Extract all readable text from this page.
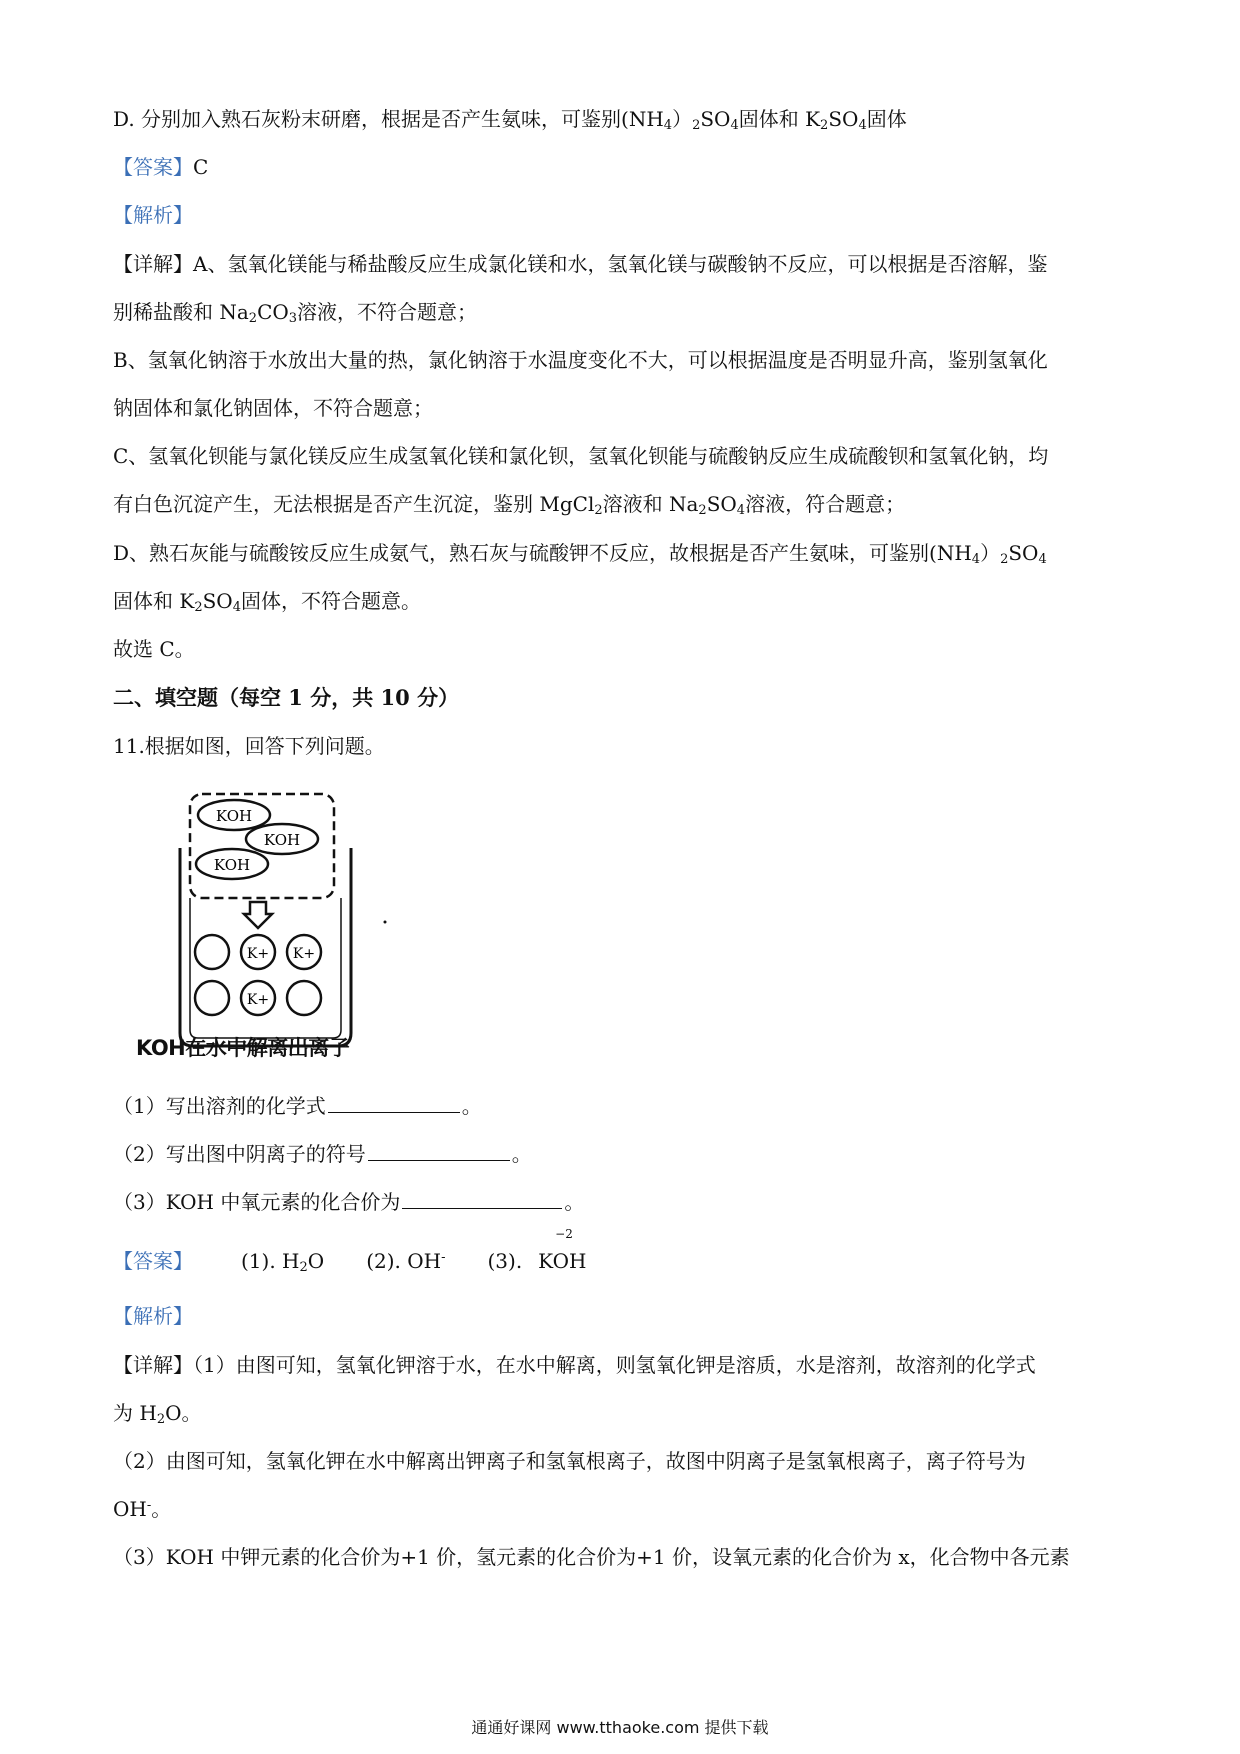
D. 分别加入熟石灰粉末研磨，根据是否产生氨味，可鉴别$(NH_4)_2SO_4$固体和 $K_2SO_4$固体
【答案】C
【解析】
【详解】A、氢氧化镁能与稀盐酸反应生成氯化镁和水，氢氧化镁与碳酸钠不反应，可以根据是否溶解，鉴
别稀盐酸和 $Na_2CO_3$溶液，不符合题意；
B、氢氧化钠溶于水放出大量的热，氯化钠溶于水温度变化不大，可以根据温度是否明显升高，鉴别氢氧化
钠固体和氯化钠固体，不符合题意；
C、氢氧化钡能与氯化镁反应生成氢氧化镁和氯化钡，氢氧化钡能与硫酸钠反应生成硫酸钡和氢氧化钠，均
有白色沉淀产生，无法根据是否产生沉淀，鉴别 MgCl$_2$溶液和 $Na_2SO_4$溶液，符合题意；
D、熟石灰能与硫酸铵反应生成氨气，熟石灰与硫酸钾不反应，故根据是否产生氨味，可鉴别$(NH_4)_2SO_4$
固体和 $K_2SO_4$固体，不符合题意。
故选 C。
二、填空题（每空 1 分，共 10 分）
11.根据如图，回答下列问题。
KOH
KOH
KOH
K+ K+
K+
KOH在水中解离出离子
（1）写出溶剂的化学式	。
（2）写出图中阴离子的符号	。
（3）KOH 中氧元素的化合价为	。
【答案】 (1). $H_2O$ (2). OH- (3).
−2
KOH
【解析】
【详解】（1）由图可知，氢氧化钾溶于水，在水中解离，则氢氧化钾是溶质，水是溶剂，故溶剂的化学式
为 $H_2O$。
（2）由图可知，氢氧化钾在水中解离出钾离子和氢氧根离子，故图中阴离子是氢氧根离子，离子符号为
OH-。
（3）KOH 中钾元素的化合价为+1 价，氢元素的化合价为+1 价，设氧元素的化合价为 x，化合物中各元素
通通好课网 www.tthaoke.com 提供下载
